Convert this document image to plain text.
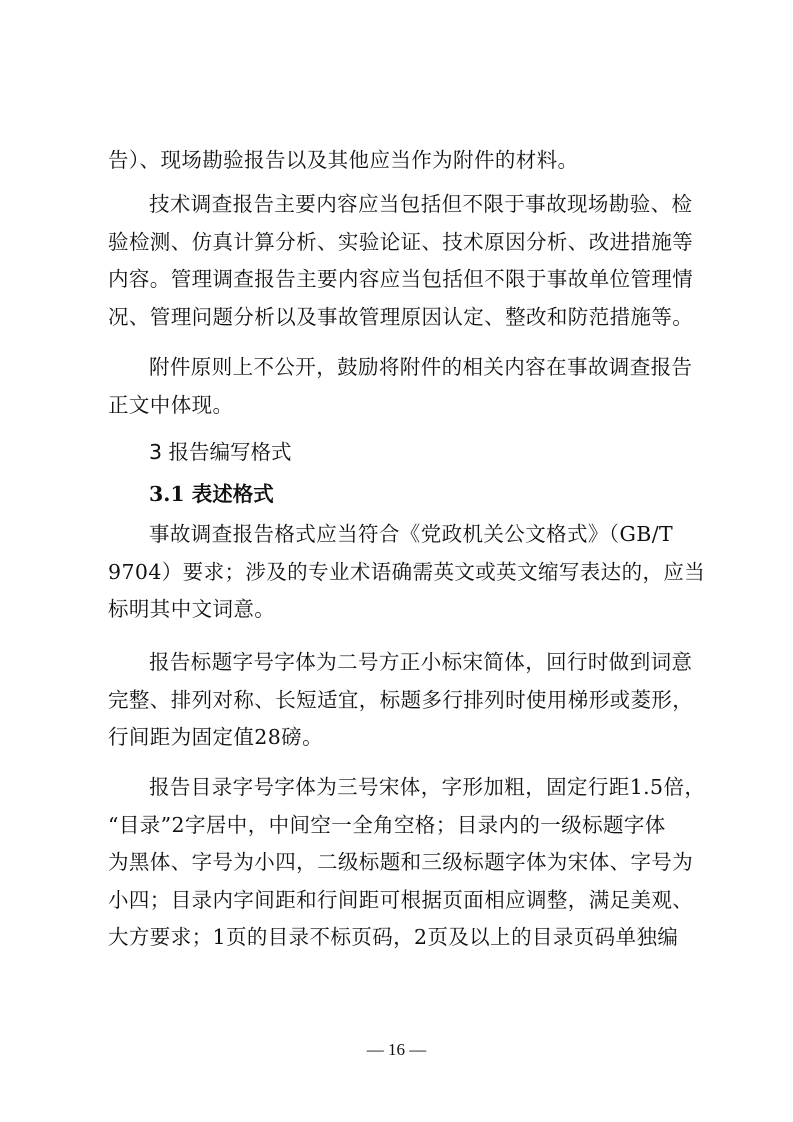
告）、现场勘验报告以及其他应当作为附件的材料。
技术调查报告主要内容应当包括但不限于事故现场勘验、检
验检测、仿真计算分析、实验论证、技术原因分析、改进措施等
内容。管理调查报告主要内容应当包括但不限于事故单位管理情
况、管理问题分析以及事故管理原因认定、整改和防范措施等。
附件原则上不公开，鼓励将附件的相关内容在事故调查报告
正文中体现。
3 报告编写格式
3.1 表述格式
事故调查报告格式应当符合《党政机关公文格式》（GB/T
9704）要求；涉及的专业术语确需英文或英文缩写表达的，应当
标明其中文词意。
报告标题字号字体为二号方正小标宋简体，回行时做到词意
完整、排列对称、长短适宜，标题多行排列时使用梯形或菱形，
行间距为固定值28磅。
报告目录字号字体为三号宋体，字形加粗，固定行距1.5倍，
“目录”2字居中，中间空一全角空格；目录内的一级标题字体
为黑体、字号为小四，二级标题和三级标题字体为宋体、字号为
小四；目录内字间距和行间距可根据页面相应调整，满足美观、
大方要求；1页的目录不标页码，2页及以上的目录页码单独编
— 16 —
